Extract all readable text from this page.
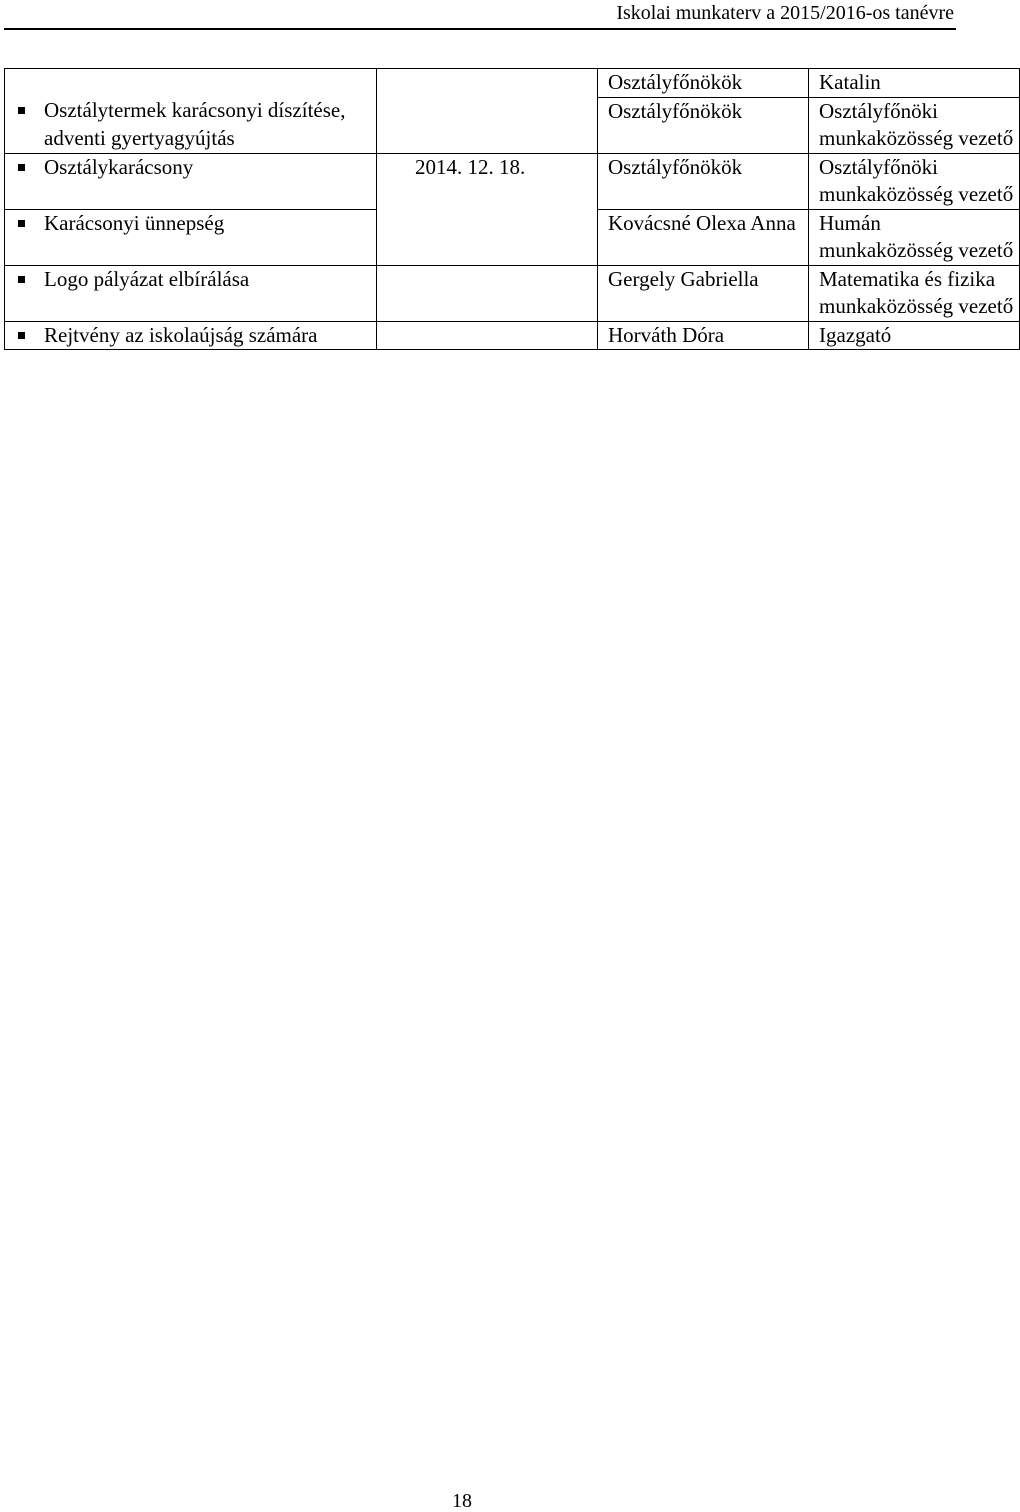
Iskolai munkaterv a 2015/2016-os tanévre
		Osztályfőnökök	Katalin

Osztálytermek karácsonyi díszítése, adventi gyertyagyújtás		Osztályfőnökök	Osztályfőnöki munkaközösség vezető

Osztálykarácsony	2014. 12. 18.	Osztályfőnökök	Osztályfőnöki munkaközösség vezető

Karácsonyi ünnepség		Kovácsné Olexa Anna	Humán munkaközösség vezető

Logo pályázat elbírálása		Gergely Gabriella	Matematika és fizika munkaközösség vezető

Rejtvény az iskolaújság számára		Horváth Dóra	Igazgató
18
